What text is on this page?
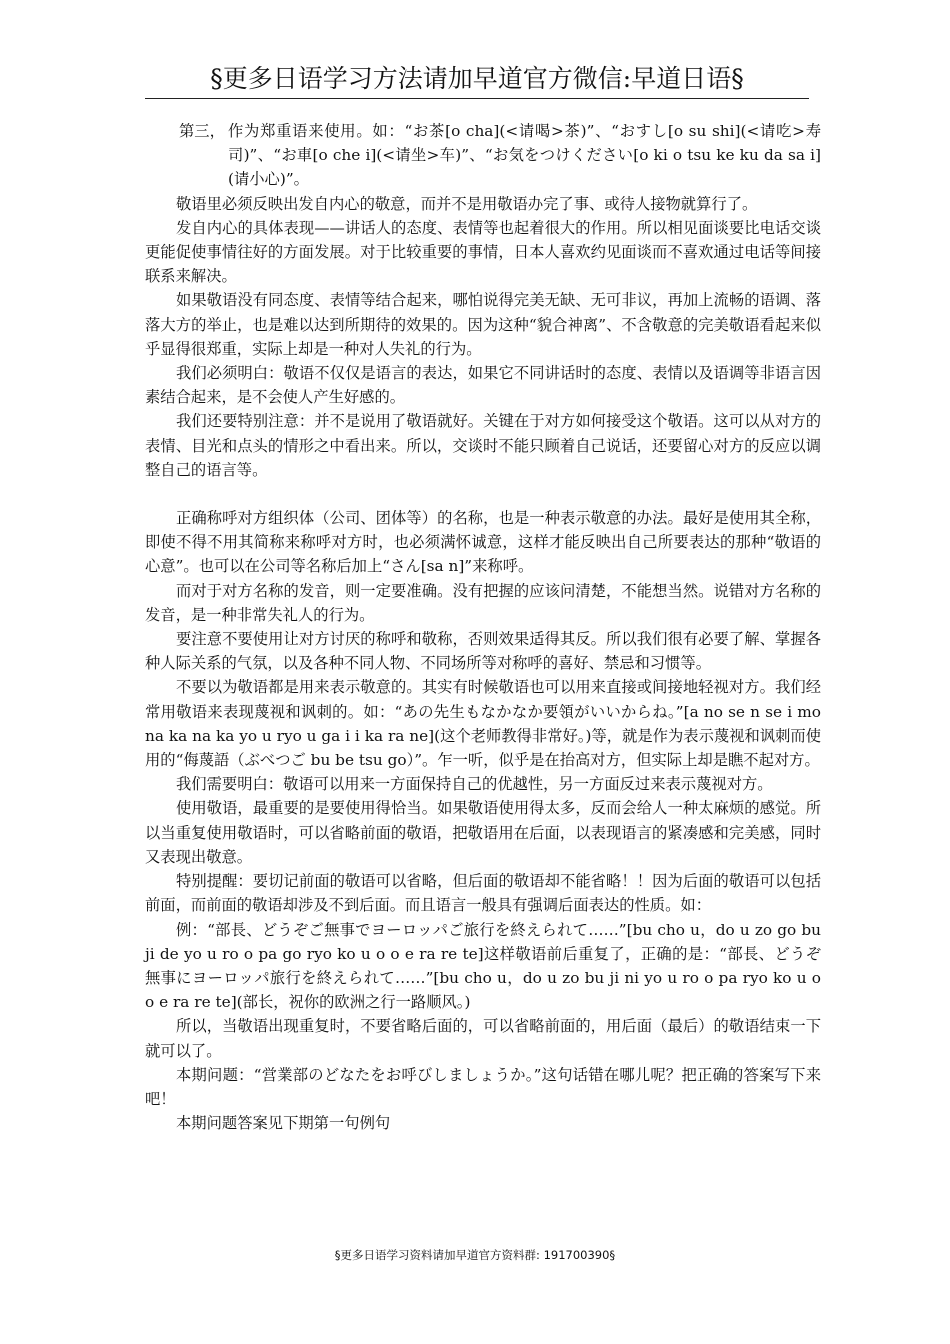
§更多日语学习方法请加早道官方微信:早道日语§

第三， 作为郑重语来使用。如：“お茶[o cha](<请喝>茶)”、“おすし[o su shi](<请吃>寿司)”、“お車[o che i](<请坐>车)”、“お気をつけください[o ki o tsu ke ku da sa i](请小心)”。

敬语里必须反映出发自内心的敬意，而并不是用敬语办完了事、或待人接物就算行了。

发自内心的具体表现——讲话人的态度、表情等也起着很大的作用。所以相见面谈要比电话交谈更能促使事情往好的方面发展。对于比较重要的事情，日本人喜欢约见面谈而不喜欢通过电话等间接联系来解决。

如果敬语没有同态度、表情等结合起来，哪怕说得完美无缺、无可非议，再加上流畅的语调、落落大方的举止，也是难以达到所期待的效果的。因为这种“貌合神离”、不含敬意的完美敬语看起来似乎显得很郑重，实际上却是一种对人失礼的行为。

我们必须明白：敬语不仅仅是语言的表达，如果它不同讲话时的态度、表情以及语调等非语言因素结合起来，是不会使人产生好感的。

我们还要特别注意：并不是说用了敬语就好。关键在于对方如何接受这个敬语。这可以从对方的表情、目光和点头的情形之中看出来。所以，交谈时不能只顾着自己说话，还要留心对方的反应以调整自己的语言等。

正确称呼对方组织体（公司、团体等）的名称，也是一种表示敬意的办法。最好是使用其全称，即使不得不用其简称来称呼对方时，也必须满怀诚意，这样才能反映出自己所要表达的那种“敬语的心意”。也可以在公司等名称后加上“さん[sa n]”来称呼。

而对于对方名称的发音，则一定要准确。没有把握的应该问清楚，不能想当然。说错对方名称的发音，是一种非常失礼人的行为。

要注意不要使用让对方讨厌的称呼和敬称，否则效果适得其反。所以我们很有必要了解、掌握各种人际关系的气氛，以及各种不同人物、不同场所等对称呼的喜好、禁忌和习惯等。

不要以为敬语都是用来表示敬意的。其实有时候敬语也可以用来直接或间接地轻视对方。我们经常用敬语来表现蔑视和讽刺的。如：“あの先生もなかなか要領がいいからね。”[a no se n se i mo na ka na ka yo u ryo u ga i i ka ra ne](这个老师教得非常好。)等，就是作为表示蔑视和讽刺而使用的“侮蔑語（ぶべつご bu be tsu go）”。乍一听，似乎是在抬高对方，但实际上却是瞧不起对方。

我们需要明白：敬语可以用来一方面保持自己的优越性，另一方面反过来表示蔑视对方。

使用敬语，最重要的是要使用得恰当。如果敬语使用得太多，反而会给人一种太麻烦的感觉。所以当重复使用敬语时，可以省略前面的敬语，把敬语用在后面，以表现语言的紧凑感和完美感，同时又表现出敬意。

特别提醒：要切记前面的敬语可以省略，但后面的敬语却不能省略！！因为后面的敬语可以包括前面，而前面的敬语却涉及不到后面。而且语言一般具有强调后面表达的性质。如：

例：“部長、どうぞご無事でヨーロッパご旅行を終えられて……”[bu cho u，do u zo go bu ji de yo u ro o pa go ryo ko u o o e ra re te]这样敬语前后重复了，正确的是：“部長、どうぞ無事にヨーロッパ旅行を終えられて……”[bu cho u，do u zo bu ji ni yo u ro o pa ryo ko u o o e ra re te](部长，祝你的欧洲之行一路顺风。)

所以，当敬语出现重复时，不要省略后面的，可以省略前面的，用后面（最后）的敬语结束一下就可以了。

本期问题：“営業部のどなたをお呼びしましょうか。”这句话错在哪儿呢？把正确的答案写下来吧！

本期问题答案见下期第一句例句

§更多日语学习资料请加早道官方资料群: 191700390§
